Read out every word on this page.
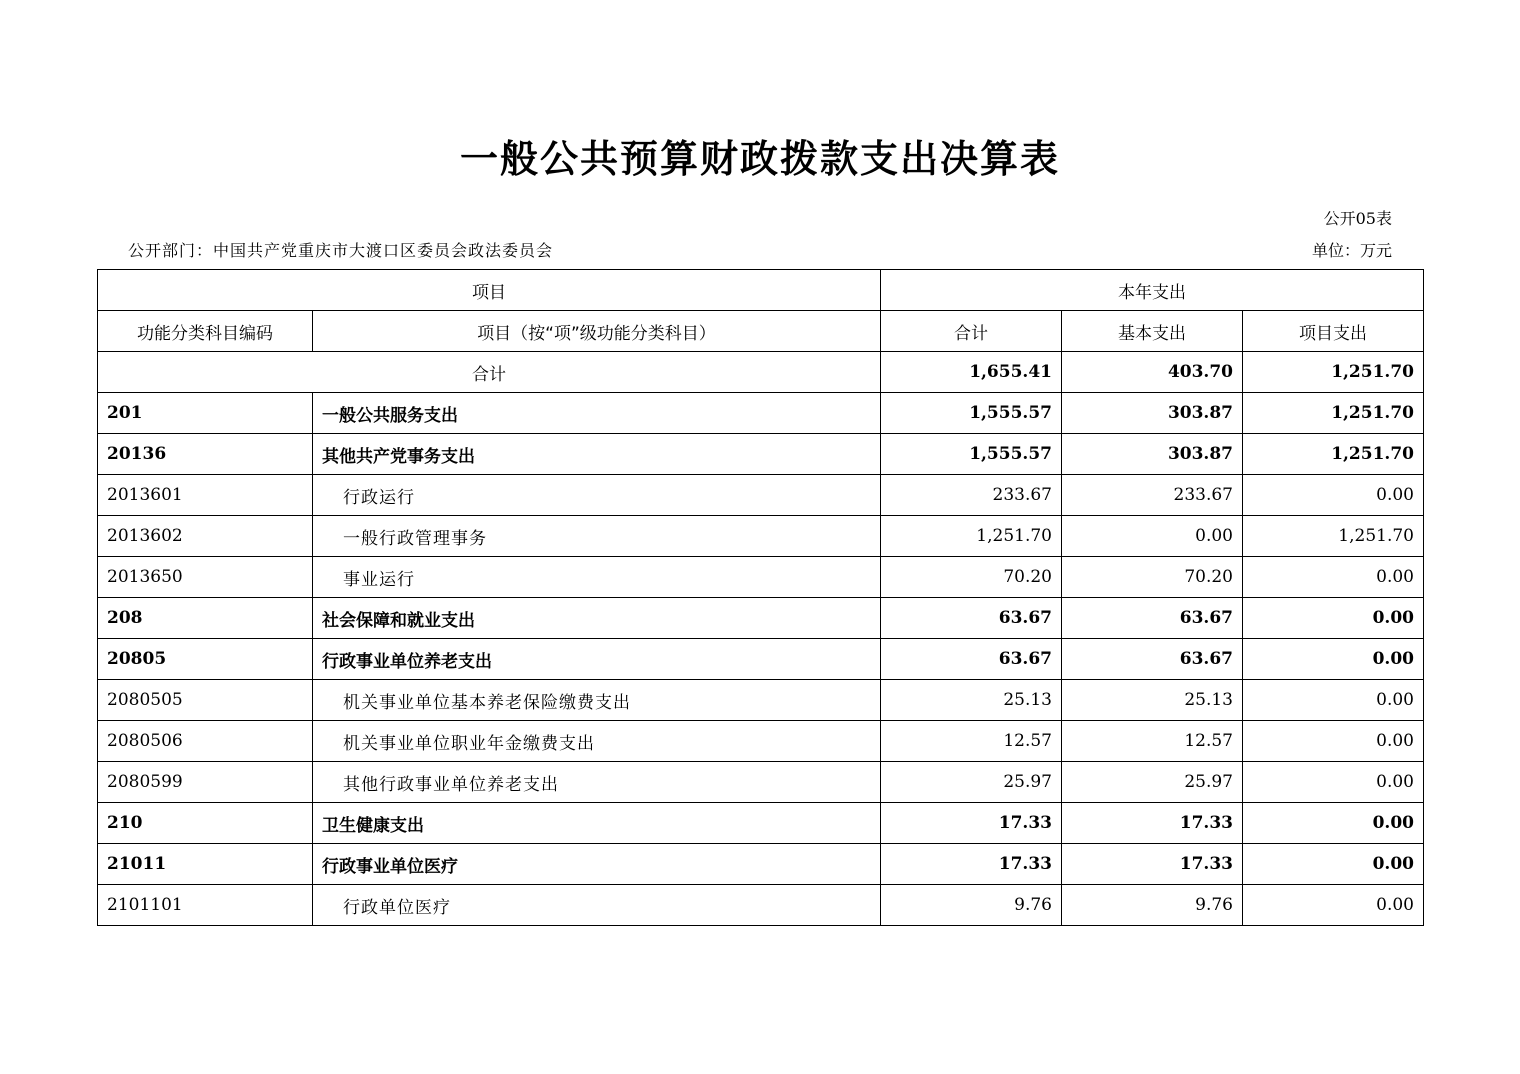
一般公共预算财政拨款支出决算表
公开05表
公开部门：中国共产党重庆市大渡口区委员会政法委员会	单位：万元
项目		本年支出		
功能分类科目编码	项目（按“项”级功能分类科目）	合计	基本支出	项目支出
合计		1,655.41	403.70	1,251.70
201	一般公共服务支出	1,555.57	303.87	1,251.70
20136	其他共产党事务支出	1,555.57	303.87	1,251.70
2013601	行政运行	233.67	233.67	0.00
2013602	一般行政管理事务	1,251.70	0.00	1,251.70
2013650	事业运行	70.20	70.20	0.00
208	社会保障和就业支出	63.67	63.67	0.00
20805	行政事业单位养老支出	63.67	63.67	0.00
2080505	机关事业单位基本养老保险缴费支出	25.13	25.13	0.00
2080506	机关事业单位职业年金缴费支出	12.57	12.57	0.00
2080599	其他行政事业单位养老支出	25.97	25.97	0.00
210	卫生健康支出	17.33	17.33	0.00
21011	行政事业单位医疗	17.33	17.33	0.00
2101101	行政单位医疗	9.76	9.76	0.00
